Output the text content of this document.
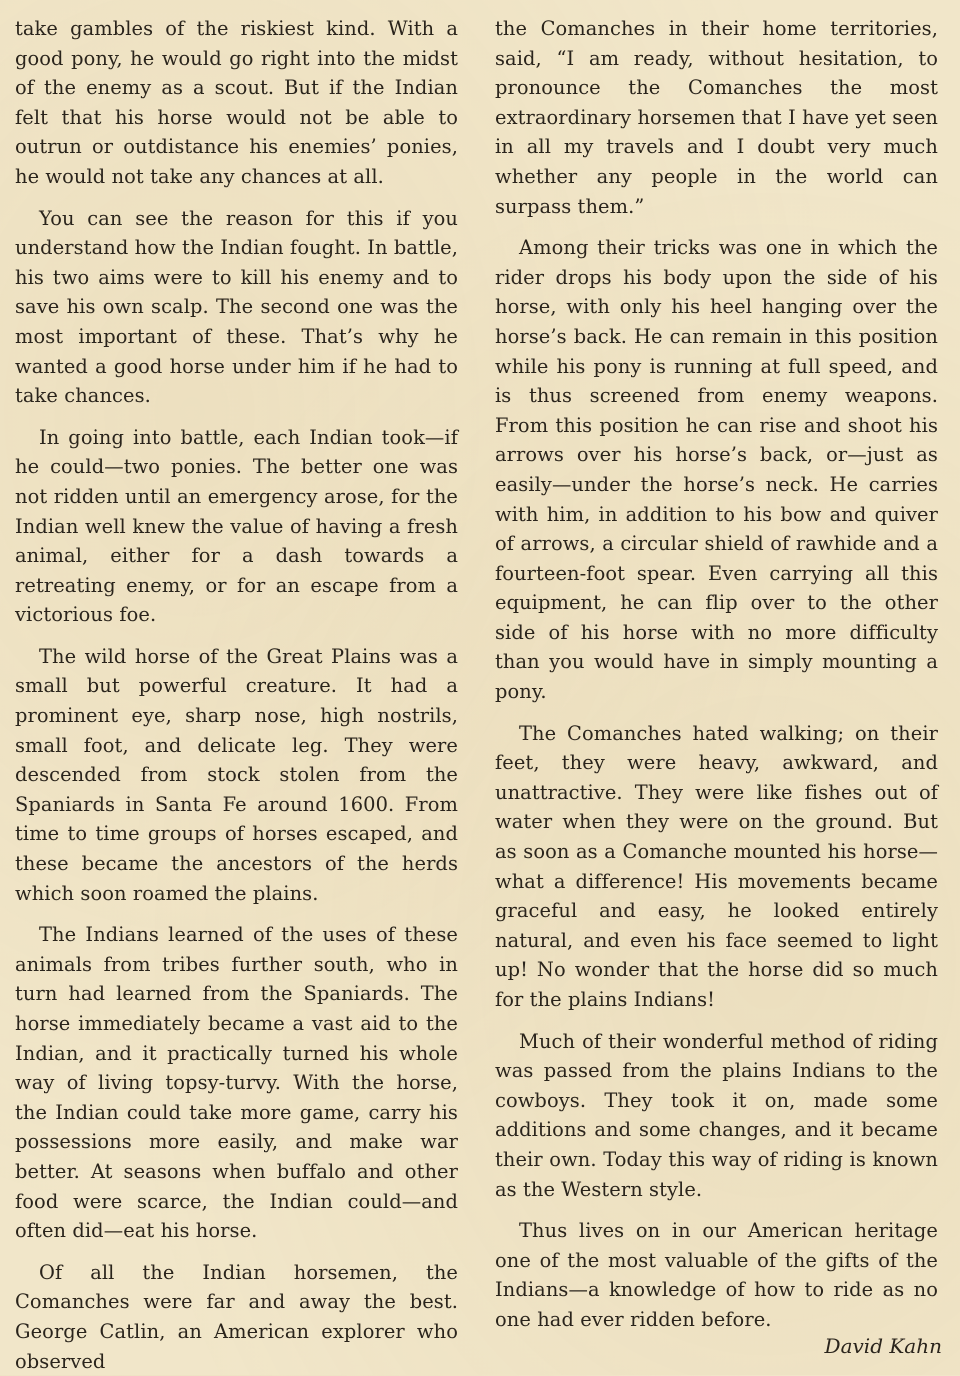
take gambles of the riskiest kind. With a good pony, he would go right into the midst of the enemy as a scout. But if the Indian felt that his horse would not be able to outrun or outdistance his enemies’ ponies, he would not take any chances at all.

You can see the reason for this if you understand how the Indian fought. In battle, his two aims were to kill his enemy and to save his own scalp. The second one was the most important of these. That’s why he wanted a good horse under him if he had to take chances.

In going into battle, each Indian took—if he could—two ponies. The better one was not ridden until an emergency arose, for the Indian well knew the value of having a fresh animal, either for a dash towards a retreating enemy, or for an escape from a victorious foe.

The wild horse of the Great Plains was a small but powerful creature. It had a prominent eye, sharp nose, high nostrils, small foot, and delicate leg. They were descended from stock stolen from the Spaniards in Santa Fe around 1600. From time to time groups of horses escaped, and these became the ancestors of the herds which soon roamed the plains.

The Indians learned of the uses of these animals from tribes further south, who in turn had learned from the Spaniards. The horse immediately became a vast aid to the Indian, and it practically turned his whole way of living topsy-turvy. With the horse, the Indian could take more game, carry his possessions more easily, and make war better. At seasons when buffalo and other food were scarce, the Indian could—and often did—eat his horse.

Of all the Indian horsemen, the Comanches were far and away the best. George Catlin, an American explorer who observed

the Comanches in their home territories, said, “I am ready, without hesitation, to pronounce the Comanches the most extraordinary horsemen that I have yet seen in all my travels and I doubt very much whether any people in the world can surpass them.”

Among their tricks was one in which the rider drops his body upon the side of his horse, with only his heel hanging over the horse’s back. He can remain in this position while his pony is running at full speed, and is thus screened from enemy weapons. From this position he can rise and shoot his arrows over his horse’s back, or—just as easily—under the horse’s neck. He carries with him, in addition to his bow and quiver of arrows, a circular shield of rawhide and a fourteen-foot spear. Even carrying all this equipment, he can flip over to the other side of his horse with no more difficulty than you would have in simply mounting a pony.

The Comanches hated walking; on their feet, they were heavy, awkward, and unattractive. They were like fishes out of water when they were on the ground. But as soon as a Comanche mounted his horse—what a difference! His movements became graceful and easy, he looked entirely natural, and even his face seemed to light up! No wonder that the horse did so much for the plains Indians!

Much of their wonderful method of riding was passed from the plains Indians to the cowboys. They took it on, made some additions and some changes, and it became their own. Today this way of riding is known as the Western style.

Thus lives on in our American heritage one of the most valuable of the gifts of the Indians—a knowledge of how to ride as no one had ever ridden before.

David Kahn
